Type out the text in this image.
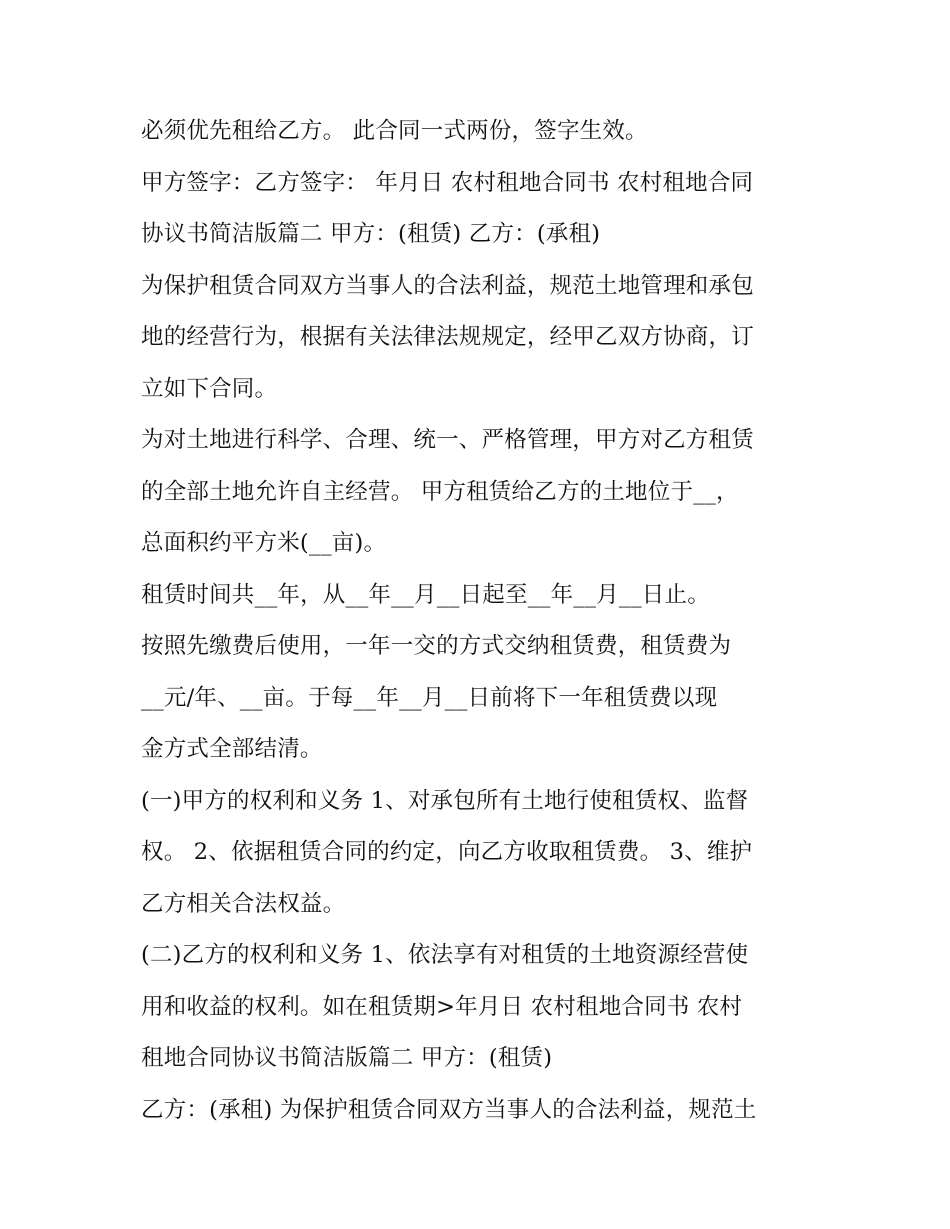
必须优先租给乙方。 此合同一式两份，签字生效。
甲方签字：乙方签字： 年月日 农村租地合同书 农村租地合同
协议书简洁版篇二 甲方：(租赁) 乙方：(承租)
为保护租赁合同双方当事人的合法利益，规范土地管理和承包
地的经营行为，根据有关法律法规规定，经甲乙双方协商，订
立如下合同。
为对土地进行科学、合理、统一、严格管理，甲方对乙方租赁
的全部土地允许自主经营。 甲方租赁给乙方的土地位于__，
总面积约平方米(__亩)。
租赁时间共__年，从__年__月__日起至__年__月__日止。
按照先缴费后使用，一年一交的方式交纳租赁费，租赁费为
__元/年、__亩。于每__年__月__日前将下一年租赁费以现
金方式全部结清。
(一)甲方的权利和义务 1、对承包所有土地行使租赁权、监督
权。 2、依据租赁合同的约定，向乙方收取租赁费。 3、维护
乙方相关合法权益。
(二)乙方的权利和义务 1、依法享有对租赁的土地资源经营使
用和收益的权利。如在租赁期>年月日 农村租地合同书 农村
租地合同协议书简洁版篇二 甲方：(租赁)
乙方：(承租) 为保护租赁合同双方当事人的合法利益，规范土
